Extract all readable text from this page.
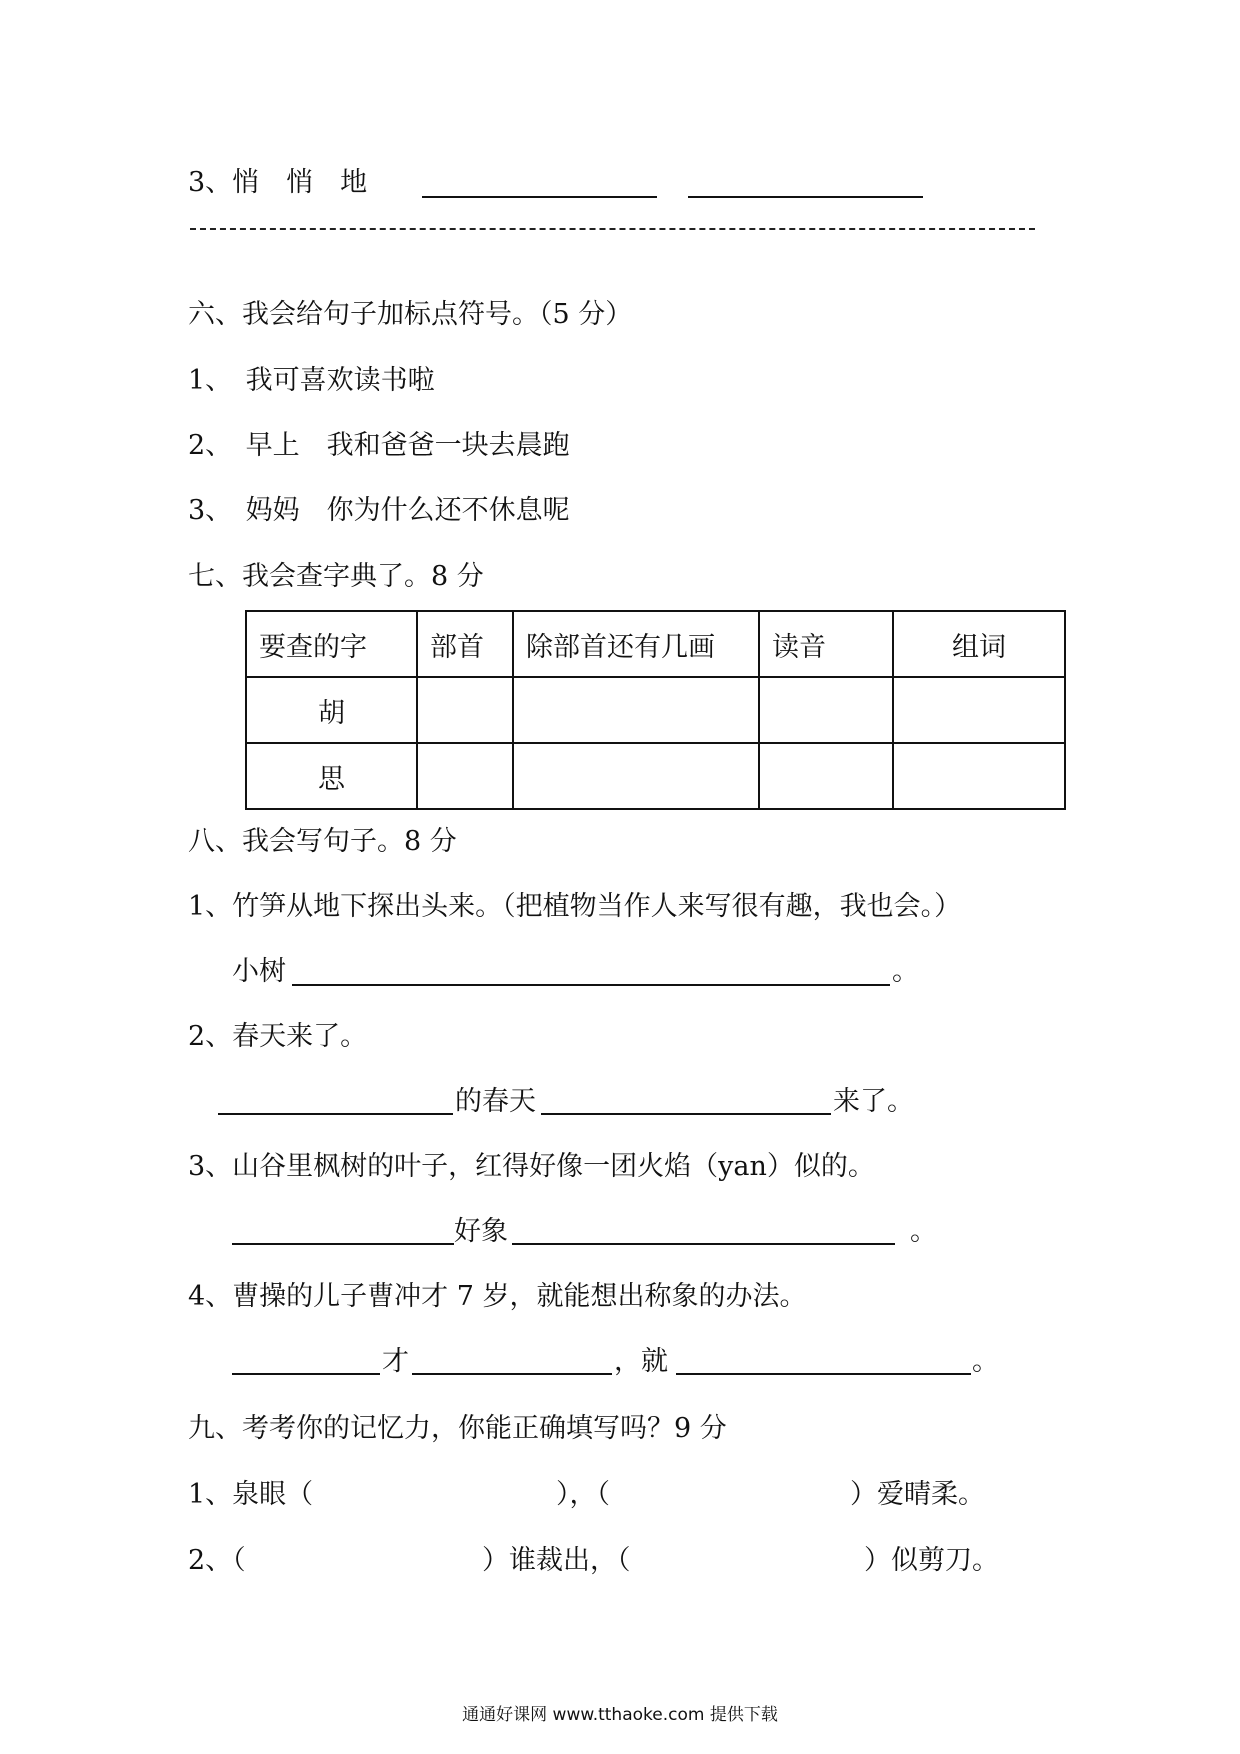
3、悄　悄　地
六、我会给句子加标点符号。（5 分）
1、　我可喜欢读书啦
2、　早上　我和爸爸一块去晨跑
3、　妈妈　你为什么还不休息呢
七、我会查字典了。8 分
要查的字	部首	除部首还有几画	读音	组词
胡				
思				
八、我会写句子。8 分
1、竹笋从地下探出头来。（把植物当作人来写很有趣，我也会。）
小树	。
2、春天来了。
的春天	来了。
3、山谷里枫树的叶子，红得好像一团火焰（yan）似的。
好象	。
4、曹操的儿子曹冲才 7 岁，就能想出称象的办法。
才	，就	。
九、考考你的记忆力，你能正确填写吗？9 分
1、泉眼（	），（	）爱晴柔。
2、（	）谁裁出，（	）似剪刀。
通通好课网 www.tthaoke.com 提供下载
